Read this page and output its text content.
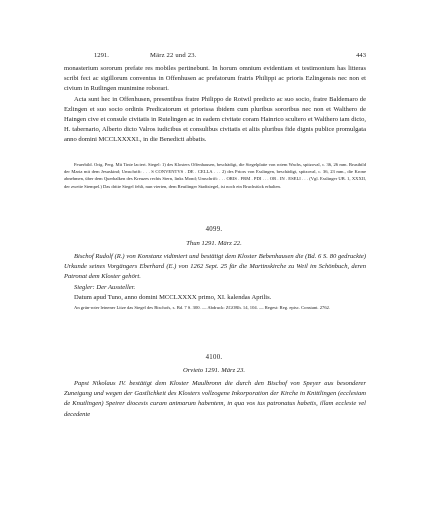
1291.	März 22 und 23.	443

monasterium sororum prefate res mobiles pertinebunt. In horum omnium evidentiam et testimonium has litteras scribi feci ac sigillorum conventus in Offenhusen ac prefatorum fratris Philippi ac prioris Ezlingensis nec non et civium in Rutlingen munimine roborari.

Acta sunt hec in Offenhusen, presentibus fratre Philippo de Rotwil predicto ac suo socio, fratre Baldemaro de Ezlingen et suo socio ordinis Predicatorum et priorissa ibidem cum pluribus sororibus nec non et Walthero de Haingen cive et consule civitatis in Rutelingen ac in eadem civitate coram Hainrico scultero et Walthero iam dicto, H. tabernario, Alberto dicto Valros iudicibus et consulibus civitatis et aliis pluribus fide dignis publice promulgata anno domini MCCLXXXXI., in die Benedicti abbatis.

Feuerbild. Orig. Perg. Mit Tinte laciert. Siegel: 1) des Klosters Offenhausen, beschädigt, die Siegelplatte von rotem Wachs, spitzoval, c. 36, 26 mm. Brustbild der Maria mit dem Jesuskind; Umschrift: . . . S CONVENTVS . DE . CELLA . . . 2) des Priors von Esslingen, beschädigt, spitzoval, c. 36, 23 mm., die Krone abnehmen, über dem Querbalken des Kreuzes rechts Stern, links Mond; Umschrift: . . . ORIS . FRM . PDI . . . OR . IN . ESELI . . . (Vgl. Esslinger UB. 1, XXXII, der zweite Stempel.) Das dritte Siegel fehlt, nun vierten, dem Reutlinger Stadtsiegel, ist noch ein Bruchstück erhalten.

4099.
Thun 1291. März 22.

Bischof Rudolf (R.) von Konstanz vidimiert und bestätigt dem Kloster Bebenhausen die (Bd. 6 S. 80 gedruckte) Urkunde seines Vorgängers Eberhard (E.) von 1262 Sept. 25 für die Martinskirche zu Weil im Schönbuch, deren Patronat dem Kloster gehört.

Siegler: Der Aussteller.

Datum apud Tuno, anno domini MCCLXXXX primo, XI. kalendas Aprilis.

An grün-roter leinener Litze das Siegel des Bischofs, s. Bd. 7 S. 300. — Abdruck: ZGORh. 14, 104. — Regest: Reg. episc. Constant. 2762.

4100.
Orvieto 1291. März 23.

Papst Nikolaus IV. bestätigt dem Kloster Maulbronn die durch den Bischof von Speyer aus besonderer Zuneigung und wegen der Gastlichkeit des Klosters vollzogene Inkorporation der Kirche in Knittlingen (ecclesiam de Knutlingen) Speirer diocesis curam animarum habentem, in qua vos ius patronatus habetis, illam ecclesie vel decedente
